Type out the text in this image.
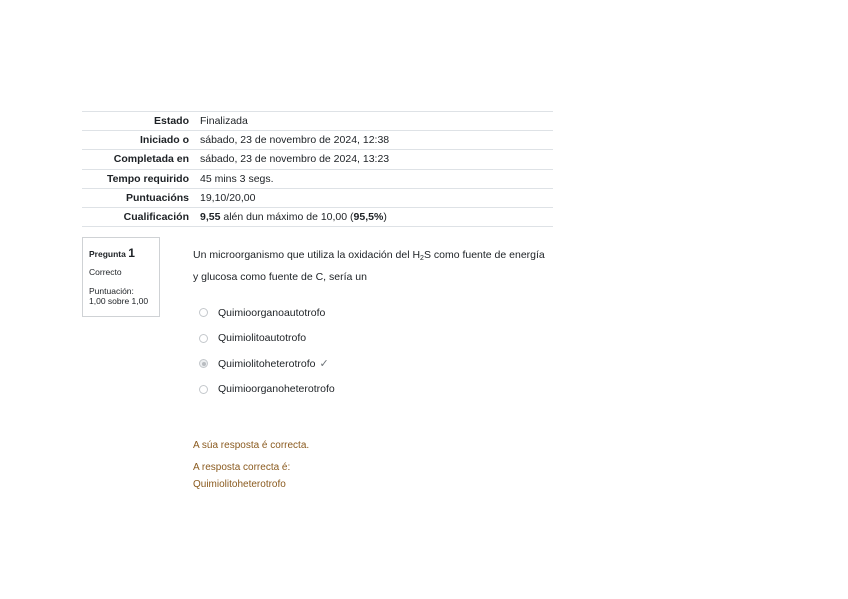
Estado	Finalizada
Iniciado o	sábado, 23 de novembro de 2024, 12:38
Completada en	sábado, 23 de novembro de 2024, 13:23
Tempo requirido	45 mins 3 segs.
Puntuacións	19,10/20,00
Cualificación	9,55 alén dun máximo de 10,00 (95,5%)
Pregunta 1
Correcto
Puntuación:
1,00 sobre 1,00
Un microorganismo que utiliza la oxidación del $H_2S$ como fuente de energía y glucosa como fuente de C, sería un
Quimioorganoautotrofo
Quimiolitoautotrofo
Quimiolitoheterotrofo ✓
Quimioorganoheterotrofo
A súa resposta é correcta.
A resposta correcta é:
Quimiolitoheterotrofo
